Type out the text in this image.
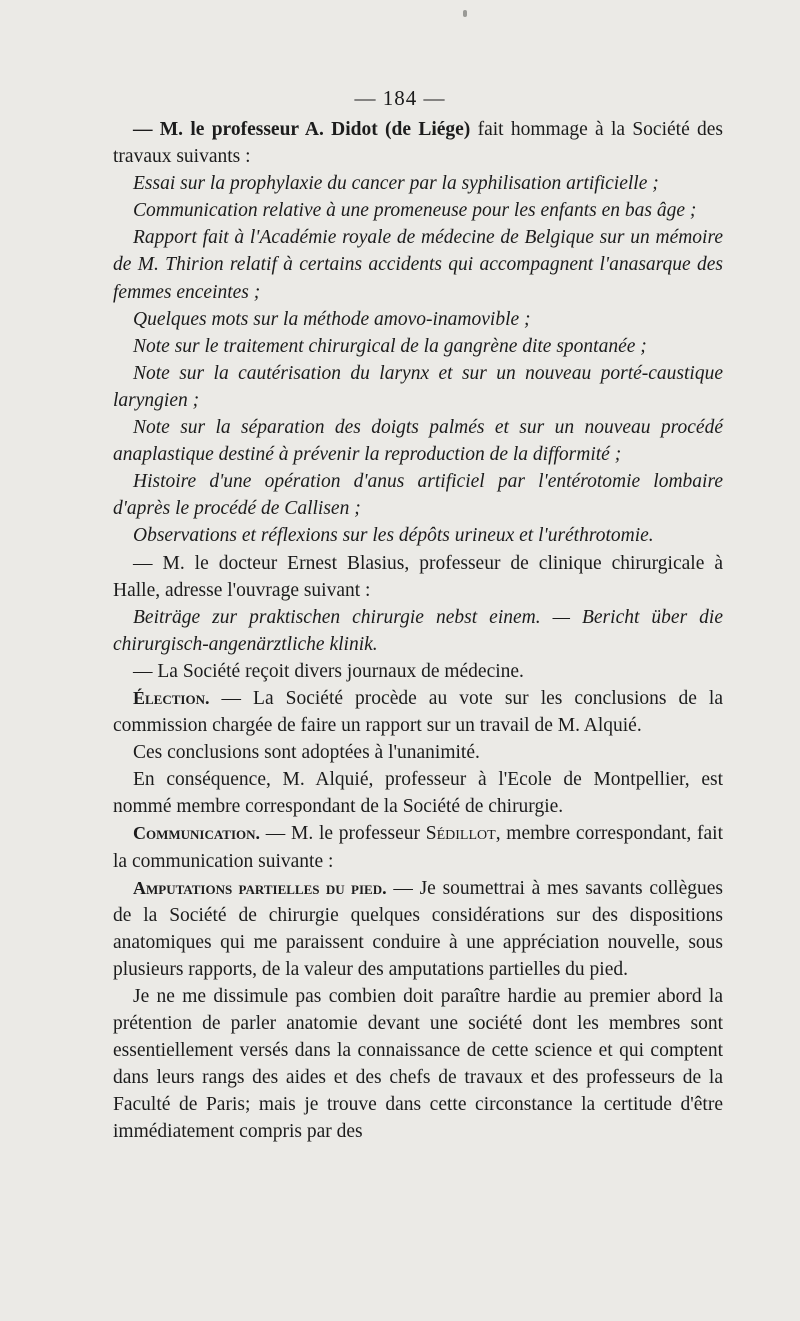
— 184 —

— M. le professeur A. Didot (de Liége) fait hommage à la Société des travaux suivants :

Essai sur la prophylaxie du cancer par la syphilisation artificielle ;

Communication relative à une promeneuse pour les enfants en bas âge ;

Rapport fait à l'Académie royale de médecine de Belgique sur un mémoire de M. Thirion relatif à certains accidents qui accompagnent l'anasarque des femmes enceintes ;

Quelques mots sur la méthode amovo-inamovible ;

Note sur le traitement chirurgical de la gangrène dite spontanée ;

Note sur la cautérisation du larynx et sur un nouveau porté-caustique laryngien ;

Note sur la séparation des doigts palmés et sur un nouveau procédé anaplastique destiné à prévenir la reproduction de la difformité ;

Histoire d'une opération d'anus artificiel par l'entérotomie lombaire d'après le procédé de Callisen ;

Observations et réflexions sur les dépôts urineux et l'uréthrotomie.

— M. le docteur Ernest Blasius, professeur de clinique chirurgicale à Halle, adresse l'ouvrage suivant :

Beiträge zur praktischen chirurgie nebst einem. — Bericht über die chirurgisch-angenärztliche klinik.

— La Société reçoit divers journaux de médecine.

Élection. — La Société procède au vote sur les conclusions de la commission chargée de faire un rapport sur un travail de M. Alquié.

Ces conclusions sont adoptées à l'unanimité.

En conséquence, M. Alquié, professeur à l'Ecole de Montpellier, est nommé membre correspondant de la Société de chirurgie.

Communication. — M. le professeur Sédillot, membre correspondant, fait la communication suivante :

Amputations partielles du pied. — Je soumettrai à mes savants collègues de la Société de chirurgie quelques considérations sur des dispositions anatomiques qui me paraissent conduire à une appréciation nouvelle, sous plusieurs rapports, de la valeur des amputations partielles du pied.

Je ne me dissimule pas combien doit paraître hardie au premier abord la prétention de parler anatomie devant une société dont les membres sont essentiellement versés dans la connaissance de cette science et qui comptent dans leurs rangs des aides et des chefs de travaux et des professeurs de la Faculté de Paris; mais je trouve dans cette circonstance la certitude d'être immédiatement compris par des
